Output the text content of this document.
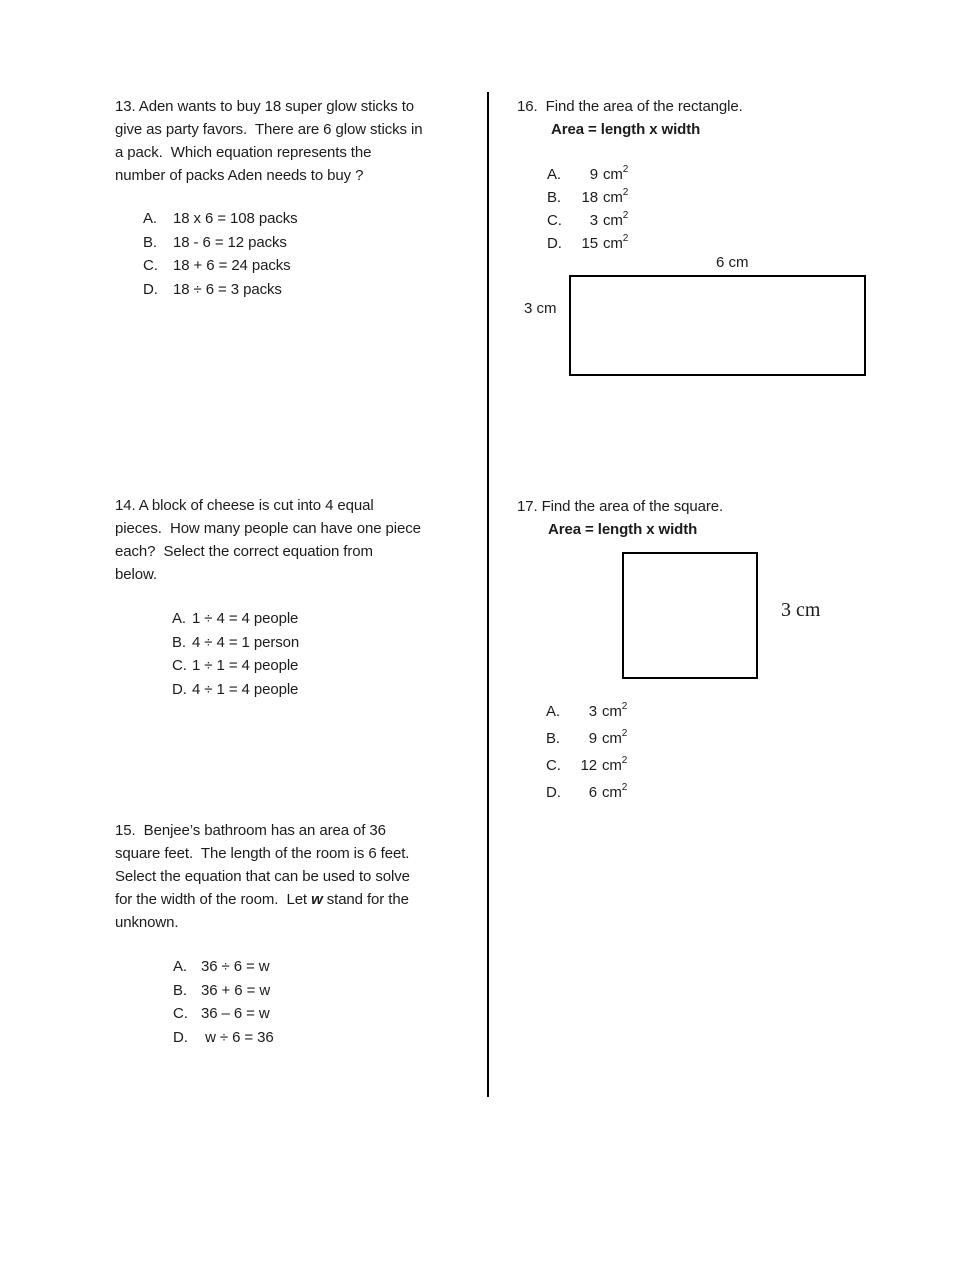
13. Aden wants to buy 18 super glow sticks to
give as party favors.  There are 6 glow sticks in
a pack.  Which equation represents the
number of packs Aden needs to buy ?
A. 18 x 6 = 108 packs
B. 18 - 6 = 12 packs
C. 18 + 6 = 24 packs
D. 18 ÷ 6 = 3 packs
14. A block of cheese is cut into 4 equal
pieces.  How many people can have one piece
each?  Select the correct equation from
below.
A. 1 ÷ 4 = 4 people
B. 4 ÷ 4 = 1 person
C. 1 ÷ 1 = 4 people
D. 4 ÷ 1 = 4 people
15.  Benjee’s bathroom has an area of 36
square feet.  The length of the room is 6 feet.
Select the equation that can be used to solve
for the width of the room.  Let w stand for the
unknown.
A. 36 ÷ 6 = w
B. 36 + 6 = w
C. 36 – 6 = w
D. w ÷ 6 = 36
16.  Find the area of the rectangle.
Area = length x width
A. 9 $cm^2$
B. 18 $cm^2$
C. 3 $cm^2$
D. 15 $cm^2$
6 cm
3 cm
17. Find the area of the square.
Area = length x width
3 cm
A. 3 $cm^2$
B. 9 $cm^2$
C. 12 $cm^2$
D. 6 $cm^2$
